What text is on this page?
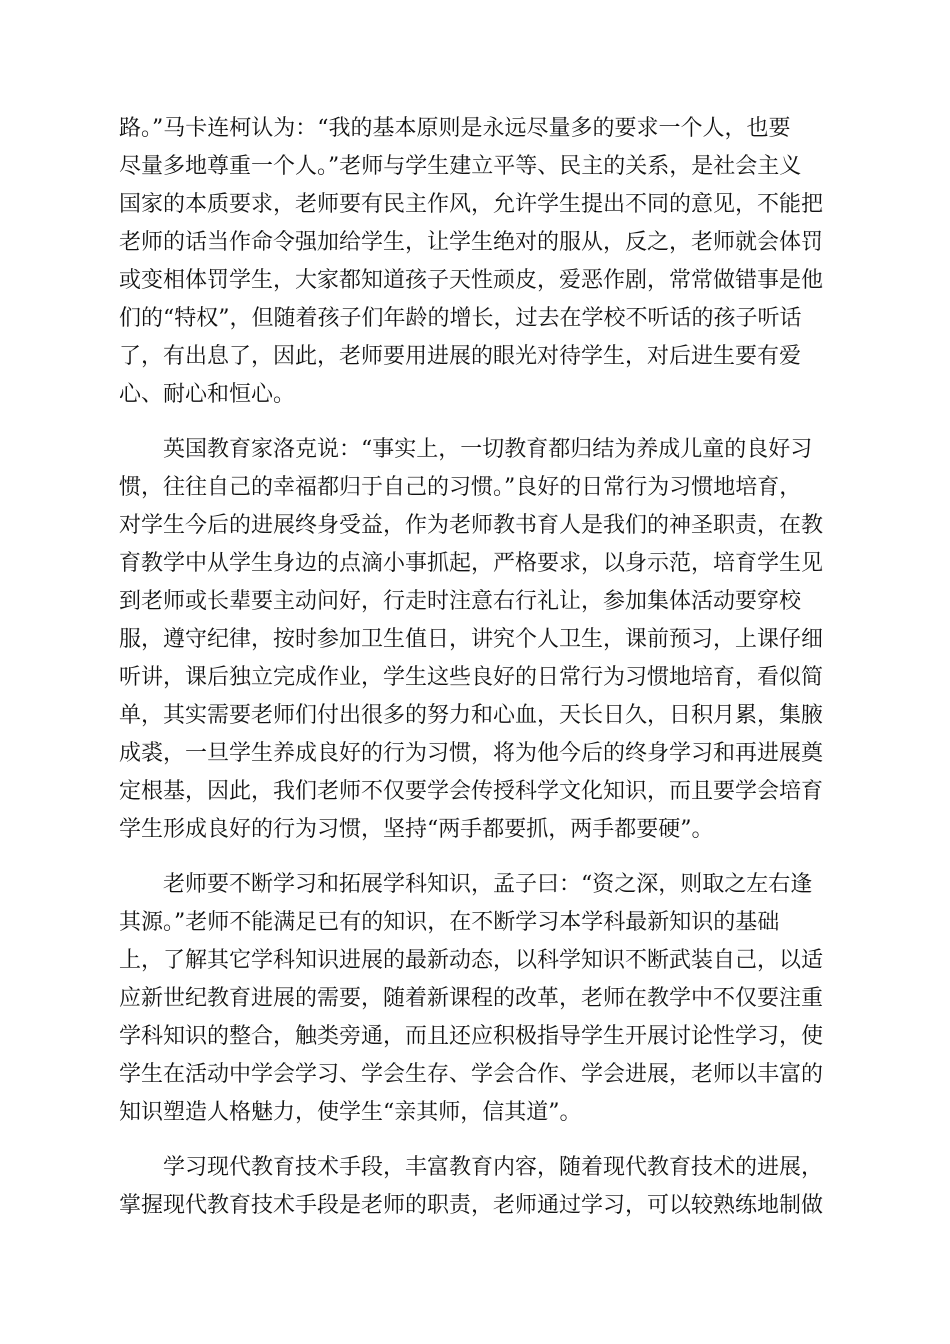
路。”马卡连柯认为：“我的基本原则是永远尽量多的要求一个人，也要
尽量多地尊重一个人。”老师与学生建立平等、民主的关系，是社会主义
国家的本质要求，老师要有民主作风，允许学生提出不同的意见，不能把
老师的话当作命令强加给学生，让学生绝对的服从，反之，老师就会体罚
或变相体罚学生，大家都知道孩子天性顽皮，爱恶作剧，常常做错事是他
们的“特权”，但随着孩子们年龄的增长，过去在学校不听话的孩子听话
了，有出息了，因此，老师要用进展的眼光对待学生，对后进生要有爱
心、耐心和恒心。
英国教育家洛克说：“事实上，一切教育都归结为养成儿童的良好习
惯，往往自己的幸福都归于自己的习惯。”良好的日常行为习惯地培育，
对学生今后的进展终身受益，作为老师教书育人是我们的神圣职责，在教
育教学中从学生身边的点滴小事抓起，严格要求，以身示范，培育学生见
到老师或长辈要主动问好，行走时注意右行礼让，参加集体活动要穿校
服，遵守纪律，按时参加卫生值日，讲究个人卫生，课前预习，上课仔细
听讲，课后独立完成作业，学生这些良好的日常行为习惯地培育，看似简
单，其实需要老师们付出很多的努力和心血，天长日久，日积月累，集腋
成裘，一旦学生养成良好的行为习惯，将为他今后的终身学习和再进展奠
定根基，因此，我们老师不仅要学会传授科学文化知识，而且要学会培育
学生形成良好的行为习惯，坚持“两手都要抓，两手都要硬”。
老师要不断学习和拓展学科知识，孟子曰：“资之深，则取之左右逢
其源。”老师不能满足已有的知识，在不断学习本学科最新知识的基础
上，了解其它学科知识进展的最新动态，以科学知识不断武装自己，以适
应新世纪教育进展的需要，随着新课程的改革，老师在教学中不仅要注重
学科知识的整合，触类旁通，而且还应积极指导学生开展讨论性学习，使
学生在活动中学会学习、学会生存、学会合作、学会进展，老师以丰富的
知识塑造人格魅力，使学生“亲其师，信其道”。
学习现代教育技术手段，丰富教育内容，随着现代教育技术的进展，
掌握现代教育技术手段是老师的职责，老师通过学习，可以较熟练地制做
